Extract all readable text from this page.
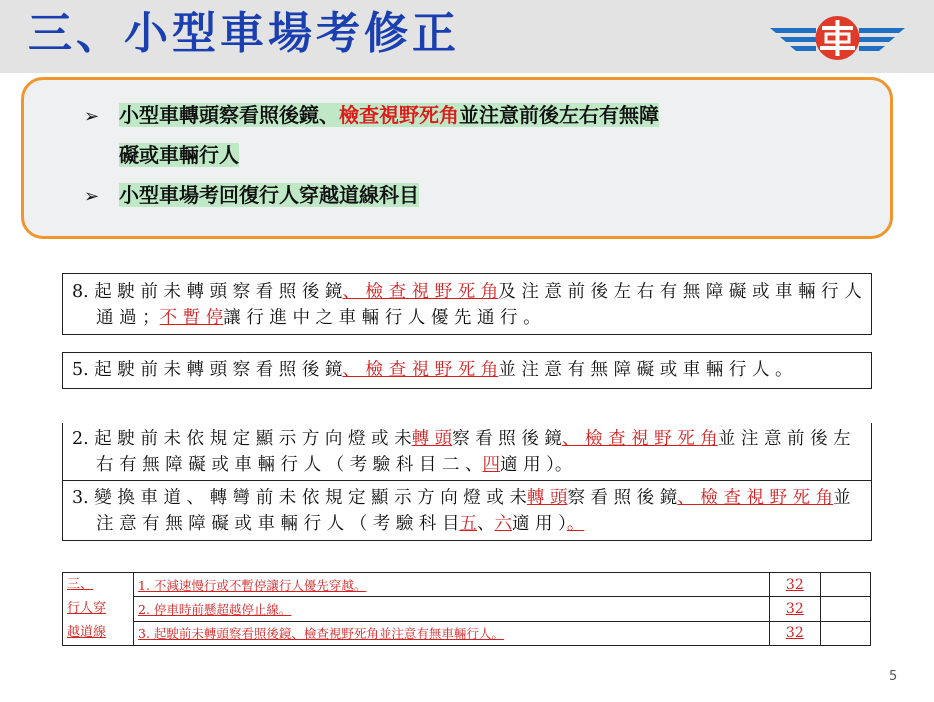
三、小型車場考修正
➢ 小型車轉頭察看照後鏡、檢查視野死角並注意前後左右有無障
礙或車輛行人
➢ 小型車場考回復行人穿越道線科目
8. 起 駛 前 未 轉 頭 察 看 照 後 鏡、 檢 查 視 野 死 角及 注 意 前 後 左 右 有 無 障 礙 或 車 輛 行 人
通 過 ；不 暫 停讓 行 進 中 之 車 輛 行 人 優 先 通 行 。
5. 起 駛 前 未 轉 頭 察 看 照 後 鏡、 檢 查 視 野 死 角並 注 意 有 無 障 礙 或 車 輛 行 人 。
2. 起 駛 前 未 依 規 定 顯 示 方 向 燈 或 未轉 頭察 看 照 後 鏡、 檢 查 視 野 死 角並 注 意 前 後 左
右 有 無 障 礙 或 車 輛 行 人 （ 考 驗 科 目 二 、四適 用 ）。
3. 變 換 車 道 、 轉 彎 前 未 依 規 定 顯 示 方 向 燈 或 未轉 頭察 看 照 後 鏡、 檢 查 視 野 死 角並
注 意 有 無 障 礙 或 車 輛 行 人 （ 考 驗 科 目五、六適 用 ）。
三、
行人穿
越道線	1. 不減速慢行或不暫停讓行人優先穿越。	32	
	2. 停車時前懸超越停止線。	32	
	3. 起駛前未轉頭察看照後鏡、檢查視野死角並注意有無車輛行人。	32	
5
